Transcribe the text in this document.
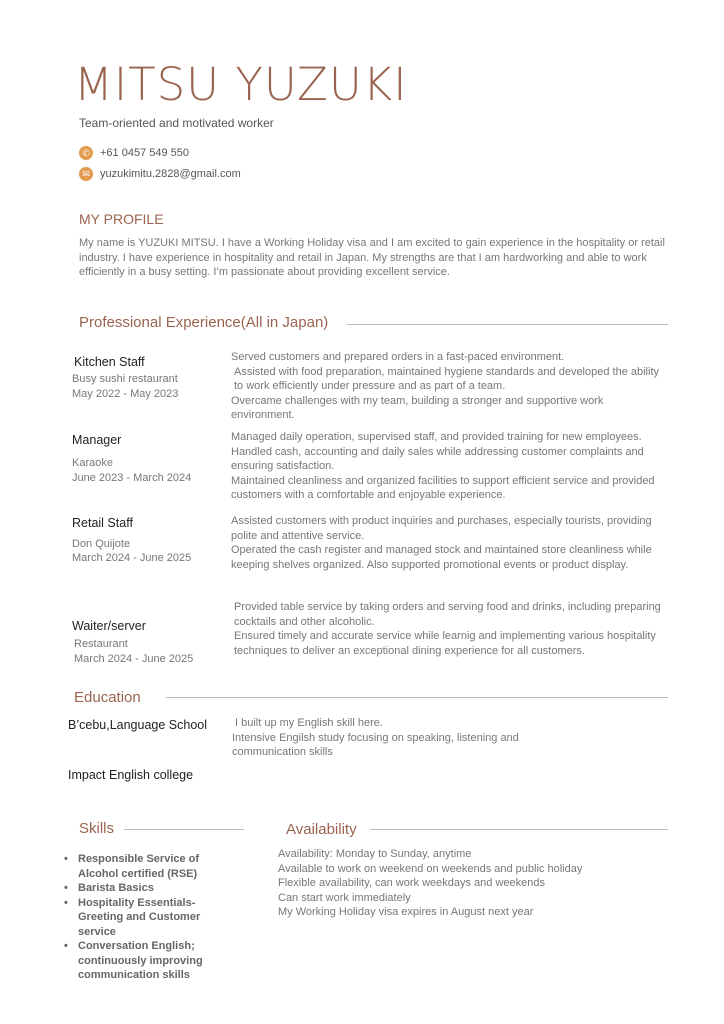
MITSU YUZUKI
Team-oriented and motivated worker
✆ +61 0457 549 550
✉ yuzukimitu.2828@gmail.com
MY PROFILE
My name is YUZUKI MITSU. I have a Working Holiday visa and I am excited to gain experience in the hospitality or retail industry. I have experience in hospitality and retail in Japan. My strengths are that I am hardworking and able to work efficiently in a busy setting. I’m passionate about providing excellent service.
Professional Experience(All in Japan)
Kitchen Staff
Busy sushi restaurant
May 2022 - May 2023
Served customers and prepared orders in a fast-paced environment.
Assisted with food preparation, maintained hygiene standards and developed the ability to work efficiently under pressure and as part of a team.
Overcame challenges with my team, building a stronger and supportive work environment.
Manager
Karaoke
June 2023 - March 2024
Managed daily operation, supervised staff, and provided training for new employees. Handled cash, accounting and daily sales while addressing customer complaints and ensuring satisfaction.
Maintained cleanliness and organized facilities to support efficient service and provided customers with a comfortable and enjoyable experience.
Retail Staff
Don Quijote
March 2024 - June 2025
Assisted customers with product inquiries and purchases, especially tourists, providing polite and attentive service.
Operated the cash register and managed stock and maintained store cleanliness while keeping shelves organized. Also supported promotional events or product display.
Waiter/server
Restaurant
March 2024 - June 2025
Provided table service by taking orders and serving food and drinks, including preparing cocktails and other alcoholic.
Ensured timely and accurate service while learnig and implementing various hospitality techniques to deliver an exceptional dining experience for all customers.
Education
B’cebu,Language School	I built up my English skill here.
Intensive Engilsh study focusing on speaking, listening and communication skills
Impact English college
Skills
• Responsible Service of Alcohol certified (RSE)
• Barista Basics
• Hospitality Essentials- Greeting and Customer service
• Conversation English; continuously improving communication skills
Availability
Availability: Monday to Sunday, anytime
Available to work on weekend on weekends and public holiday
Flexible availability, can work weekdays and weekends
Can start work immediately
My Working Holiday visa expires in August next year
